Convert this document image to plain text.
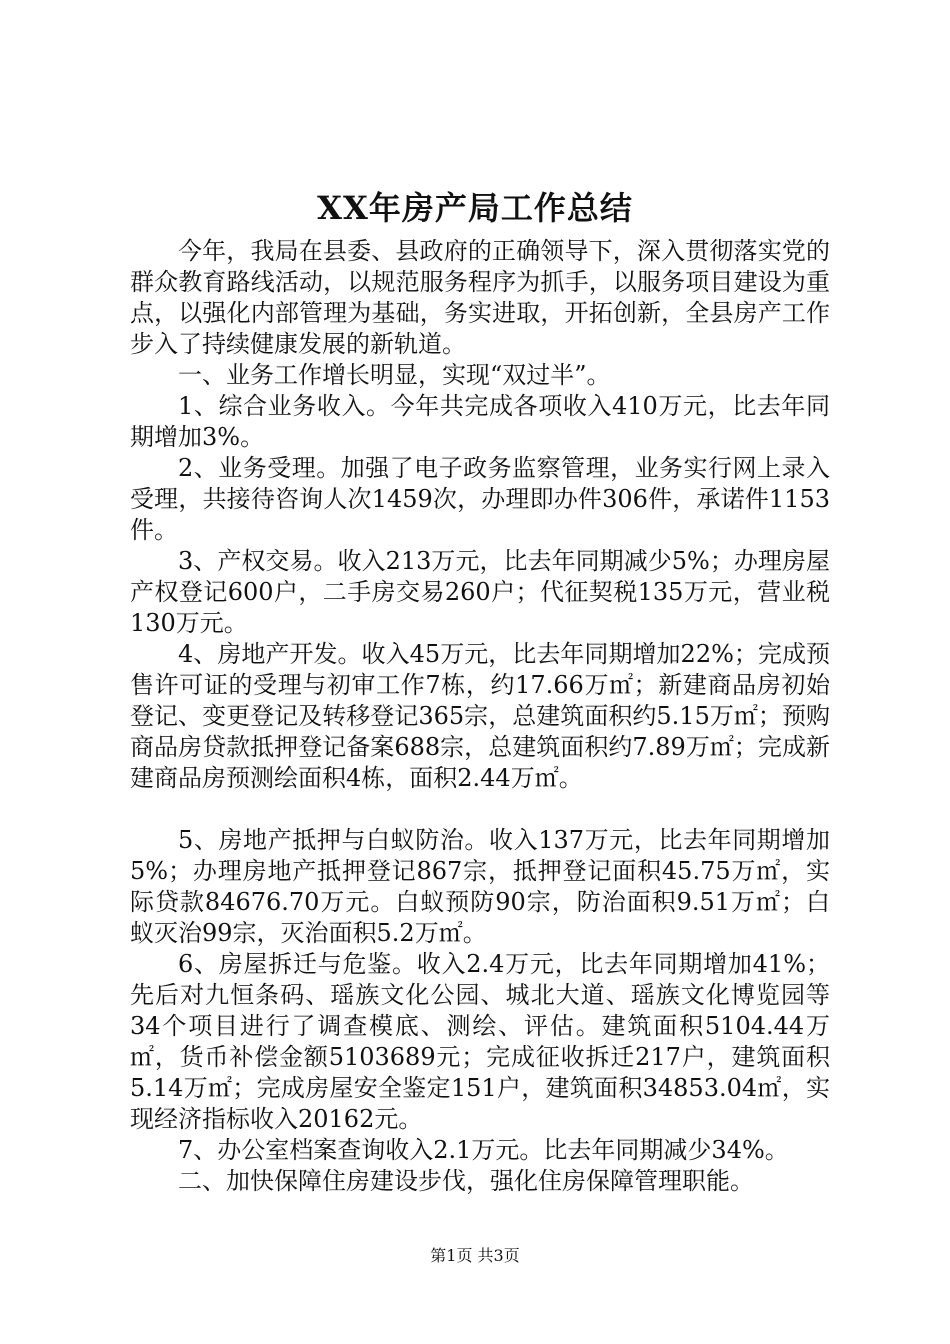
XX年房产局工作总结

今年，我局在县委、县政府的正确领导下，深入贯彻落实党的群众教育路线活动，以规范服务程序为抓手，以服务项目建设为重点，以强化内部管理为基础，务实进取，开拓创新，全县房产工作步入了持续健康发展的新轨道。

一、业务工作增长明显，实现“双过半”。

1、综合业务收入。今年共完成各项收入410万元，比去年同期增加3%。

2、业务受理。加强了电子政务监察管理，业务实行网上录入受理，共接待咨询人次1459次，办理即办件306件，承诺件1153件。

3、产权交易。收入213万元，比去年同期减少5%；办理房屋产权登记600户，二手房交易260户；代征契税135万元，营业税130万元。

4、房地产开发。收入45万元，比去年同期增加22%；完成预售许可证的受理与初审工作7栋，约17.66万㎡；新建商品房初始登记、变更登记及转移登记365宗，总建筑面积约5.15万㎡；预购商品房贷款抵押登记备案688宗，总建筑面积约7.89万㎡；完成新建商品房预测绘面积4栋，面积2.44万㎡。

5、房地产抵押与白蚁防治。收入137万元，比去年同期增加5%；办理房地产抵押登记867宗，抵押登记面积45.75万㎡，实际贷款84676.70万元。白蚁预防90宗，防治面积9.51万㎡；白蚁灭治99宗，灭治面积5.2万㎡。

6、房屋拆迁与危鉴。收入2.4万元，比去年同期增加41%；先后对九恒条码、瑶族文化公园、城北大道、瑶族文化博览园等34个项目进行了调查模底、测绘、评估。建筑面积5104.44万㎡，货币补偿金额5103689元；完成征收拆迁217户，建筑面积5.14万㎡；完成房屋安全鉴定151户，建筑面积34853.04㎡，实现经济指标收入20162元。

7、办公室档案查询收入2.1万元。比去年同期减少34%。

二、加快保障住房建设步伐，强化住房保障管理职能。

第1页 共3页
